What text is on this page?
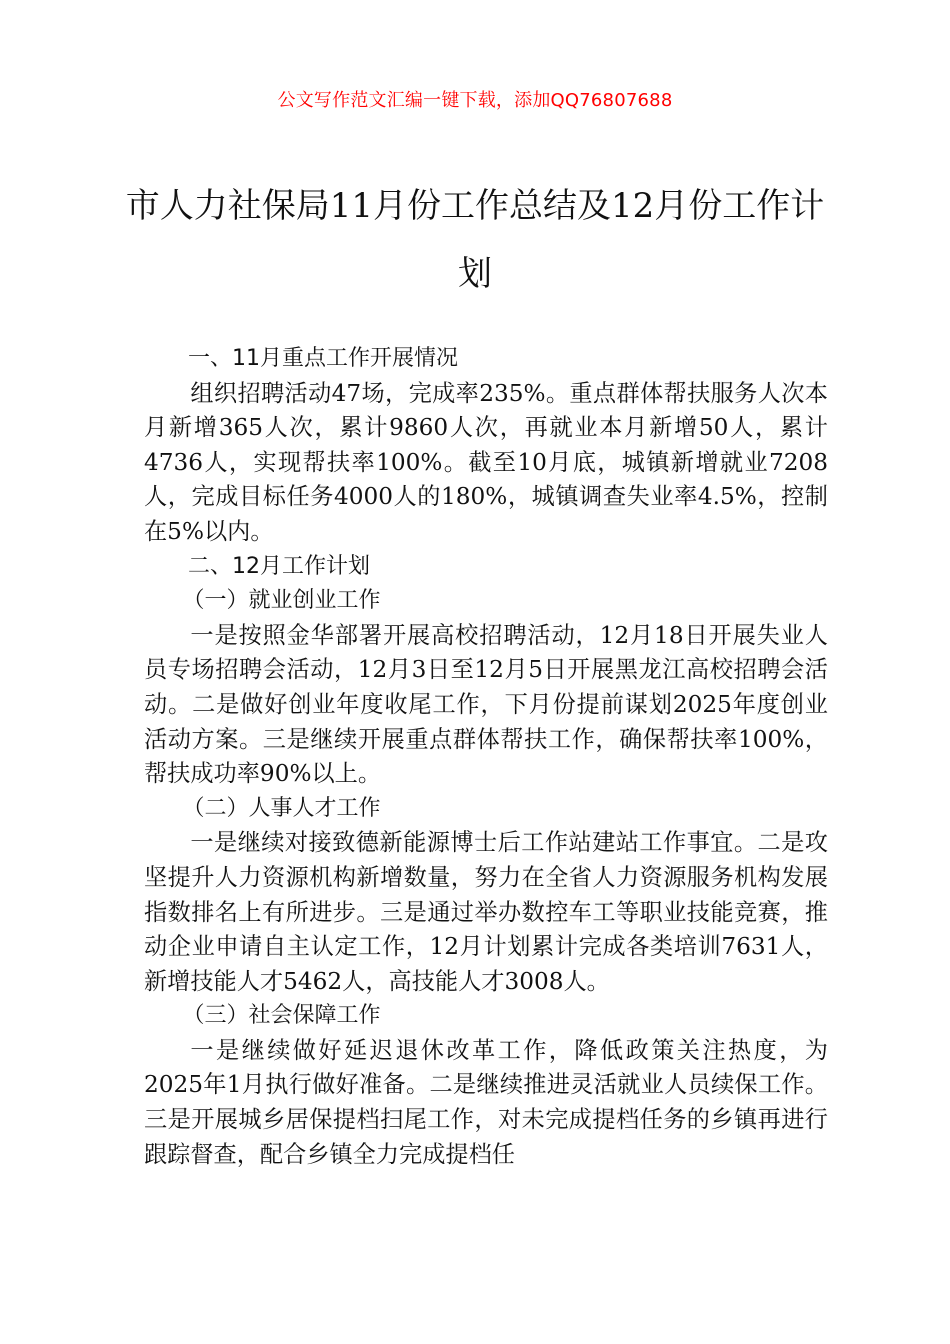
公文写作范文汇编一键下载，添加QQ76807688
市人力社保局11月份工作总结及12月份工作计划

一、11月重点工作开展情况

组织招聘活动47场，完成率235%。重点群体帮扶服务人次本月新增365人次，累计9860人次，再就业本月新增50人，累计4736人，实现帮扶率100%。截至10月底，城镇新增就业7208人，完成目标任务4000人的180%，城镇调查失业率4.5%，控制在5%以内。

二、12月工作计划

（一）就业创业工作

一是按照金华部署开展高校招聘活动，12月18日开展失业人员专场招聘会活动，12月3日至12月5日开展黑龙江高校招聘会活动。二是做好创业年度收尾工作，下月份提前谋划2025年度创业活动方案。三是继续开展重点群体帮扶工作，确保帮扶率100%，帮扶成功率90%以上。

（二）人事人才工作

一是继续对接致德新能源博士后工作站建站工作事宜。二是攻坚提升人力资源机构新增数量，努力在全省人力资源服务机构发展指数排名上有所进步。三是通过举办数控车工等职业技能竞赛，推动企业申请自主认定工作，12月计划累计完成各类培训7631人，新增技能人才5462人，高技能人才3008人。

（三）社会保障工作

一是继续做好延迟退休改革工作，降低政策关注热度，为2025年1月执行做好准备。二是继续推进灵活就业人员续保工作。三是开展城乡居保提档扫尾工作，对未完成提档任务的乡镇再进行跟踪督查，配合乡镇全力完成提档任
